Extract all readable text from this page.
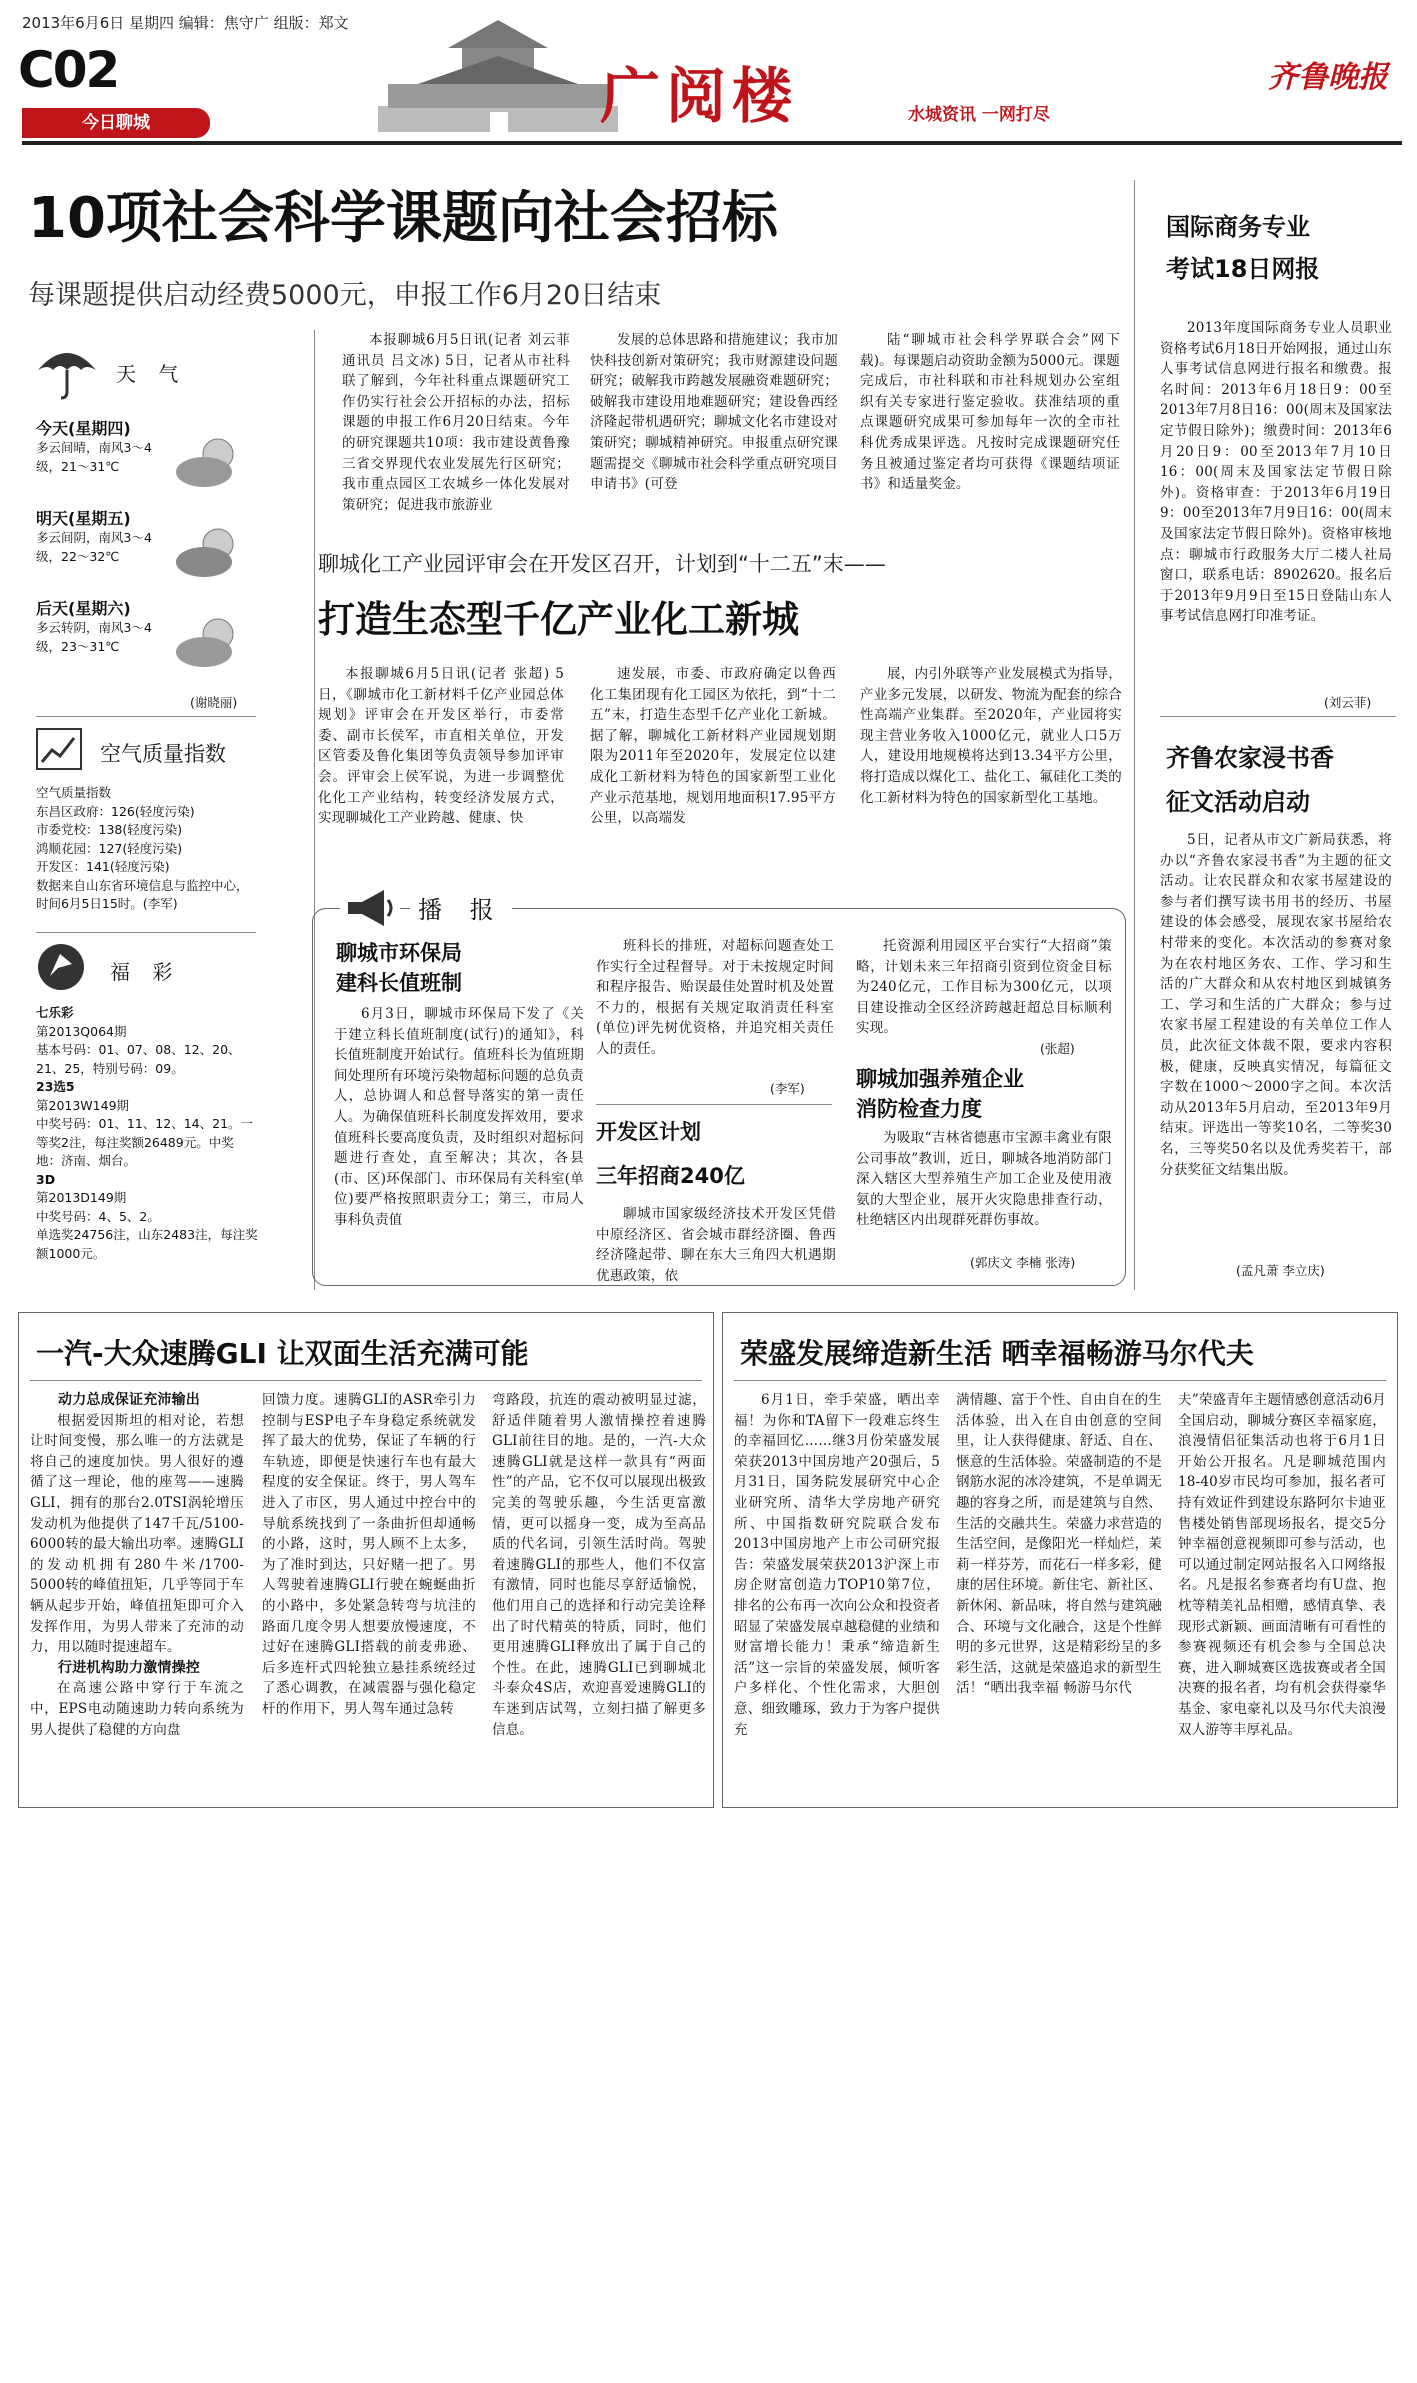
2013年6月6日 星期四 编辑：焦守广 组版：郑文
C02
今日聊城	广阅楼	水城资讯 一网打尽
齐鲁晚报
10项社会科学课题向社会招标
每课题提供启动经费5000元，申报工作6月20日结束

本报聊城6月5日讯(记者 刘云菲 通讯员 吕文冰) 5日，记者从市社科联了解到，今年社科重点课题研究工作仍实行社会公开招标的办法，招标课题的申报工作6月20日结束。今年的研究课题共10项：我市建设黄鲁豫三省交界现代农业发展先行区研究；我市重点园区工农城乡一体化发展对策研究；促进我市旅游业

发展的总体思路和措施建议；我市加快科技创新对策研究；我市财源建设问题研究；破解我市跨越发展融资难题研究；破解我市建设用地难题研究；建设鲁西经济隆起带机遇研究；聊城文化名市建设对策研究；聊城精神研究。申报重点研究课题需提交《聊城市社会科学重点研究项目申请书》(可登

陆“聊城市社会科学界联合会”网下载)。每课题启动资助金额为5000元。课题完成后，市社科联和市社科规划办公室组织有关专家进行鉴定验收。获准结项的重点课题研究成果可参加每年一次的全市社科优秀成果评选。凡按时完成课题研究任务且被通过鉴定者均可获得《课题结项证书》和适量奖金。

天 气
今天(星期四)
多云间晴，南风3～4级，21～31℃
明天(星期五)
多云间阴，南风3～4级，22～32℃
后天(星期六)
多云转阴，南风3～4级，23～31℃
(谢晓丽)
空气质量指数
空气质量指数
东昌区政府：126(轻度污染)
市委党校：138(轻度污染)
鸿顺花园：127(轻度污染)
开发区：141(轻度污染)
数据来自山东省环境信息与监控中心，时间6月5日15时。(李军)
福 彩
七乐彩
第2013Q064期
基本号码：01、07、08、12、20、21、25，特别号码：09。
23选5
第2013W149期
中奖号码：01、11、12、14、21。一等奖2注，每注奖额26489元。中奖地：济南、烟台。
3D
第2013D149期
中奖号码：4、5、2。
单选奖24756注，山东2483注，每注奖额1000元。
聊城化工产业园评审会在开发区召开，计划到“十二五”末——
打造生态型千亿产业化工新城

本报聊城6月5日讯(记者 张超) 5日，《聊城市化工新材料千亿产业园总体规划》评审会在开发区举行，市委常委、副市长侯军，市直相关单位，开发区管委及鲁化集团等负责领导参加评审会。评审会上侯军说，为进一步调整优化化工产业结构，转变经济发展方式，实现聊城化工产业跨越、健康、快

速发展，市委、市政府确定以鲁西化工集团现有化工园区为依托，到“十二五”末，打造生态型千亿产业化工新城。据了解，聊城化工新材料产业园规划期限为2011年至2020年，发展定位以建成化工新材料为特色的国家新型工业化产业示范基地，规划用地面积17.95平方公里，以高端发

展，内引外联等产业发展模式为指导，产业多元发展，以研发、物流为配套的综合性高端产业集群。至2020年，产业园将实现主营业务收入1000亿元，就业人口5万人，建设用地规模将达到13.34平方公里，将打造成以煤化工、盐化工、氟硅化工类的化工新材料为特色的国家新型化工基地。

播 报
聊城市环保局
建科长值班制

6月3日，聊城市环保局下发了《关于建立科长值班制度(试行)的通知》，科长值班制度开始试行。值班科长为值班期间处理所有环境污染物超标问题的总负责人，总协调人和总督导落实的第一责任人。为确保值班科长制度发挥效用，要求值班科长要高度负责，及时组织对超标问题进行查处，直至解决；其次，各县(市、区)环保部门、市环保局有关科室(单位)要严格按照职责分工；第三，市局人事科负责值

班科长的排班，对超标问题查处工作实行全过程督导。对于未按规定时间和程序报告、贻误最佳处置时机及处置不力的，根据有关规定取消责任科室(单位)评先树优资格，并追究相关责任人的责任。

(李军)
开发区计划
三年招商240亿

聊城市国家级经济技术开发区凭借中原经济区、省会城市群经济圈、鲁西经济隆起带、聊在东大三角四大机遇期优惠政策，依

托资源利用园区平台实行“大招商”策略，计划未来三年招商引资到位资金目标为240亿元，工作目标为300亿元，以项目建设推动全区经济跨越赶超总目标顺利实现。

(张超)
聊城加强养殖企业
消防检查力度

为吸取“吉林省德惠市宝源丰禽业有限公司事故”教训，近日，聊城各地消防部门深入辖区大型养殖生产加工企业及使用液氨的大型企业，展开火灾隐患排查行动，杜绝辖区内出现群死群伤事故。

(郭庆文 李楠 张涛)
国际商务专业
考试18日网报

2013年度国际商务专业人员职业资格考试6月18日开始网报，通过山东人事考试信息网进行报名和缴费。报名时间：2013年6月18日9：00至2013年7月8日16：00(周末及国家法定节假日除外)；缴费时间：2013年6月20日9：00至2013年7月10日16：00(周末及国家法定节假日除外)。资格审查：于2013年6月19日9：00至2013年7月9日16：00(周末及国家法定节假日除外)。资格审核地点：聊城市行政服务大厅二楼人社局窗口，联系电话：8902620。报名后于2013年9月9日至15日登陆山东人事考试信息网打印准考证。

(刘云菲)
齐鲁农家浸书香
征文活动启动

5日，记者从市文广新局获悉，将办以“齐鲁农家浸书香”为主题的征文活动。让农民群众和农家书屋建设的参与者们撰写读书用书的经历、书屋建设的体会感受，展现农家书屋给农村带来的变化。本次活动的参赛对象为在农村地区务农、工作、学习和生活的广大群众和从农村地区到城镇务工、学习和生活的广大群众；参与过农家书屋工程建设的有关单位工作人员，此次征文体裁不限，要求内容积极，健康，反映真实情况，每篇征文字数在1000～2000字之间。本次活动从2013年5月启动，至2013年9月结束。评选出一等奖10名，二等奖30名，三等奖50名以及优秀奖若干，部分获奖征文结集出版。

(孟凡萧 李立庆)
一汽-大众速腾GLI 让双面生活充满可能
动力总成保证充沛输出

根据爱因斯坦的相对论，若想让时间变慢，那么唯一的方法就是将自己的速度加快。男人很好的遵循了这一理论，他的座驾——速腾GLI，拥有的那台2.0TSI涡轮增压发动机为他提供了147千瓦/5100-6000转的最大输出功率。速腾GLI的发动机拥有280牛米/1700-5000转的峰值扭矩，几乎等同于车辆从起步开始，峰值扭矩即可介入发挥作用，为男人带来了充沛的动力，用以随时提速超车。

行进机构助力激情操控

在高速公路中穿行于车流之中，EPS电动随速助力转向系统为男人提供了稳健的方向盘

回馈力度。速腾GLI的ASR牵引力控制与ESP电子车身稳定系统就发挥了最大的优势，保证了车辆的行车轨迹，即便是快速行车也有最大程度的安全保证。终于，男人驾车进入了市区，男人通过中控台中的导航系统找到了一条曲折但却通畅的小路，这时，男人顾不上太多，为了准时到达，只好赌一把了。男人驾驶着速腾GLI行驶在蜿蜒曲折的小路中，多处紧急转弯与坑洼的路面几度令男人想要放慢速度，不过好在速腾GLI搭载的前麦弗逊、后多连杆式四轮独立悬挂系统经过了悉心调教，在减震器与强化稳定杆的作用下，男人驾车通过急转

弯路段，抗连的震动被明显过滤，舒适伴随着男人激情操控着速腾GLI前往目的地。是的，一汽-大众速腾GLI就是这样一款具有“两面性”的产品，它不仅可以展现出极致完美的驾驶乐趣，今生活更富激情，更可以摇身一变，成为至高品质的代名词，引领生活时尚。驾驶着速腾GLI的那些人，他们不仅富有激情，同时也能尽享舒适愉悦，他们用自己的选择和行动完美诠释出了时代精英的特质，同时，他们更用速腾GLI释放出了属于自己的个性。在此，速腾GLI已到聊城北斗泰众4S店，欢迎喜爱速腾GLI的车迷到店试驾，立刻扫描了解更多信息。

荣盛发展缔造新生活 晒幸福畅游马尔代夫

6月1日，牵手荣盛，晒出幸福！为你和TA留下一段难忘终生的幸福回忆……继3月份荣盛发展荣获2013中国房地产20强后，5月31日，国务院发展研究中心企业研究所、清华大学房地产研究所、中国指数研究院联合发布2013中国房地产上市公司研究报告：荣盛发展荣获2013沪深上市房企财富创造力TOP10第7位，排名的公布再一次向公众和投资者昭显了荣盛发展卓越稳健的业绩和财富增长能力！秉承“缔造新生活”这一宗旨的荣盛发展，倾听客户多样化、个性化需求，大胆创意、细致雕琢，致力于为客户提供充

满情趣、富于个性、自由自在的生活体验，出入在自由创意的空间里，让人获得健康、舒适、自在、惬意的生活体验。荣盛制造的不是钢筋水泥的冰冷建筑，不是单调无趣的容身之所，而是建筑与自然、生活的交融共生。荣盛力求营造的生活空间，是像阳光一样灿烂，茉莉一样芬芳，而花石一样多彩，健康的居住环境。新住宅、新社区、新休闲、新品味，将自然与建筑融合、环境与文化融合，这是个性鲜明的多元世界，这是精彩纷呈的多彩生活，这就是荣盛追求的新型生活！“晒出我幸福 畅游马尔代

夫”荣盛青年主题情感创意活动6月全国启动，聊城分赛区幸福家庭，浪漫情侣征集活动也将于6月1日开始公开报名。凡是聊城范围内18-40岁市民均可参加，报名者可持有效证件到建设东路阿尔卡迪亚售楼处销售部现场报名，提交5分钟幸福创意视频即可参与活动，也可以通过制定网站报名入口网络报名。凡是报名参赛者均有U盘、抱枕等精美礼品相赠，感情真挚、表现形式新颖、画面清晰有可看性的参赛视频还有机会参与全国总决赛，进入聊城赛区选拔赛或者全国决赛的报名者，均有机会获得豪华基金、家电豪礼以及马尔代夫浪漫双人游等丰厚礼品。
